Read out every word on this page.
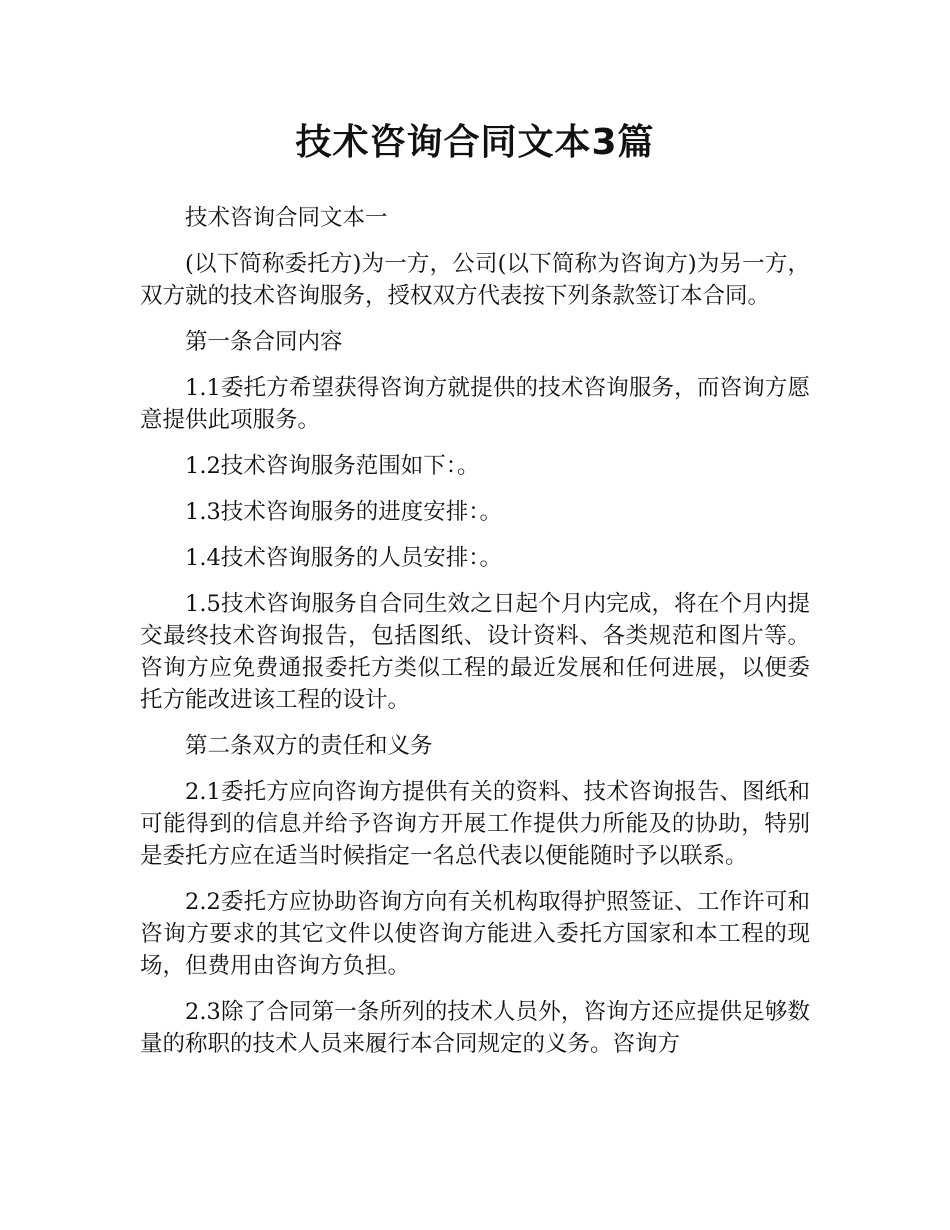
技术咨询合同文本3篇

技术咨询合同文本一

(以下简称委托方)为一方，公司(以下简称为咨询方)为另一方，双方就的技术咨询服务，授权双方代表按下列条款签订本合同。

第一条合同内容

1.1委托方希望获得咨询方就提供的技术咨询服务，而咨询方愿意提供此项服务。

1.2技术咨询服务范围如下：。

1.3技术咨询服务的进度安排：。

1.4技术咨询服务的人员安排：。

1.5技术咨询服务自合同生效之日起个月内完成，将在个月内提交最终技术咨询报告，包括图纸、设计资料、各类规范和图片等。咨询方应免费通报委托方类似工程的最近发展和任何进展，以便委托方能改进该工程的设计。

第二条双方的责任和义务

2.1委托方应向咨询方提供有关的资料、技术咨询报告、图纸和可能得到的信息并给予咨询方开展工作提供力所能及的协助，特别是委托方应在适当时候指定一名总代表以便能随时予以联系。

2.2委托方应协助咨询方向有关机构取得护照签证、工作许可和咨询方要求的其它文件以使咨询方能进入委托方国家和本工程的现场，但费用由咨询方负担。

2.3除了合同第一条所列的技术人员外，咨询方还应提供足够数量的称职的技术人员来履行本合同规定的义务。咨询方
